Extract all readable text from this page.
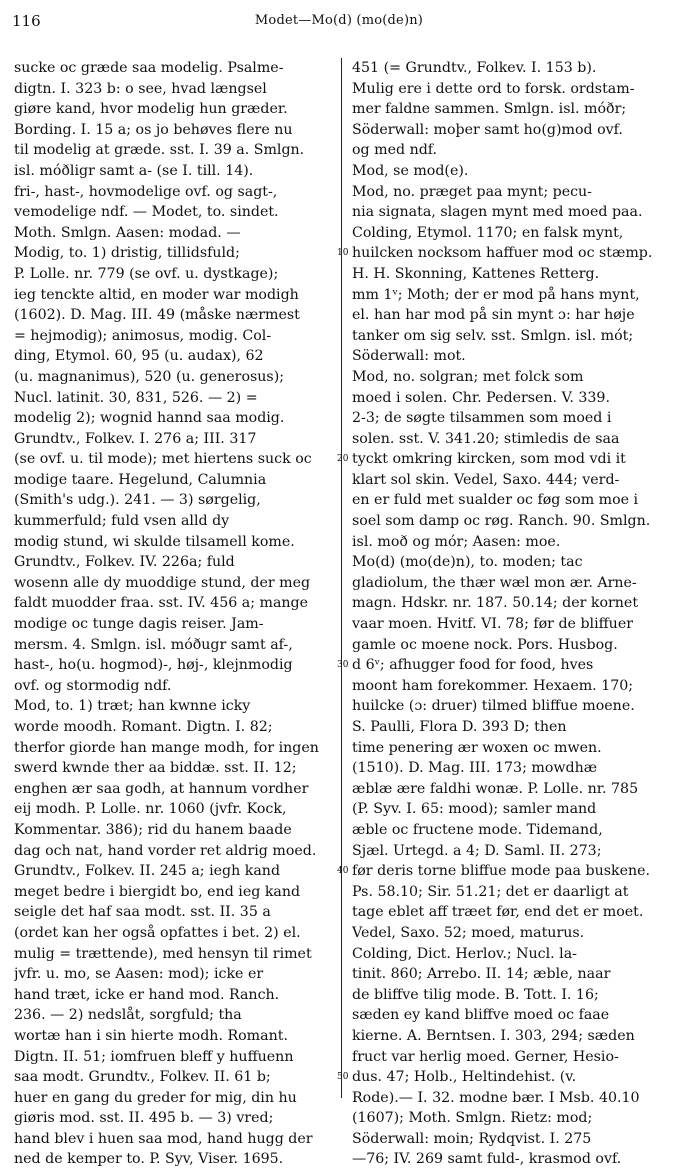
116	Modet—Mo(d) (mo(de)n)
sucke oc græde saa modelig. Psalme-
digtn. I. 323 b: o see, hvad længsel
giøre kand, hvor modelig hun græder.
Bording. I. 15 a; os jo behøves flere nu
til modelig at græde. sst. I. 39 a. Smlgn.
isl. móðligr samt a- (se I. till. 14).
fri-, hast-, hovmodelige ovf. og sagt-,
vemodelige ndf. — Modet, to. sindet.
Moth. Smlgn. Aasen: modad. —
Modig, to. 1) dristig, tillidsfuld;
P. Lolle. nr. 779 (se ovf. u. dystkage);
ieg tenckte altid, en moder war modigh
(1602). D. Mag. III. 49 (måske nærmest
= hejmodig); animosus, modig. Col-
ding, Etymol. 60, 95 (u. audax), 62
(u. magnanimus), 520 (u. generosus);
Nucl. latinit. 30, 831, 526. — 2) =
modelig 2); wognid hannd saa modig.
Grundtv., Folkev. I. 276 a; III. 317
(se ovf. u. til mode); met hiertens suck oc
modige taare. Hegelund, Calumnia
(Smith's udg.). 241. — 3) sørgelig,
kummerfuld; fuld vsen alld dy
modig stund, wi skulde tilsamell kome.
Grundtv., Folkev. IV. 226a; fuld
wosenn alle dy muoddige stund, der meg
faldt muodder fraa. sst. IV. 456 a; mange
modige oc tunge dagis reiser. Jam-
mersm. 4. Smlgn. isl. móðugr samt af-,
hast-, ho(u. hogmod)-, høj-, klejnmodig
ovf. og stormodig ndf.
Mod, to. 1) træt; han kwnne icky
worde moodh. Romant. Digtn. I. 82;
therfor giorde han mange modh, for ingen
swerd kwnde ther aa biddæ. sst. II. 12;
enghen ær saa godh, at hannum vordher
eij modh. P. Lolle. nr. 1060 (jvfr. Kock,
Kommentar. 386); rid du hanem baade
dag och nat, hand vorder ret aldrig moed.
Grundtv., Folkev. II. 245 a; iegh kand
meget bedre i biergidt bo, end ieg kand
seigle det haf saa modt. sst. II. 35 a
(ordet kan her også opfattes i bet. 2) el.
mulig = trættende), med hensyn til rimet
jvfr. u. mo, se Aasen: mod); icke er
hand træt, icke er hand mod. Ranch.
236. — 2) nedslåt, sorgfuld; tha
wortæ han i sin hierte modh. Romant.
Digtn. II. 51; iomfruen bleff y huffuenn
saa modt. Grundtv., Folkev. II. 61 b;
huer en gang du greder for mig, din hu
giøris mod. sst. II. 495 b. — 3) vred;
hand blev i huen saa mod, hand hugg der
ned de kemper to. P. Syv, Viser. 1695.
10
20
30
40
50
451 (= Grundtv., Folkev. I. 153 b).
Mulig ere i dette ord to forsk. ordstam-
mer faldne sammen. Smlgn. isl. móðr;
Söderwall: moþer samt ho(g)mod ovf.
og med ndf.
Mod, se mod(e).
Mod, no. præget paa mynt; pecu-
nia signata, slagen mynt med moed paa.
Colding, Etymol. 1170; en falsk mynt,
huilcken nocksom haffuer mod oc stæmp.
H. H. Skonning, Kattenes Retterg.
mm 1ᵛ; Moth; der er mod på hans mynt,
el. han har mod på sin mynt ɔ: har høje
tanker om sig selv. sst. Smlgn. isl. mót;
Söderwall: mot.
Mod, no. solgran; met folck som
moed i solen. Chr. Pedersen. V. 339.
2-3; de søgte tilsammen som moed i
solen. sst. V. 341.20; stimledis de saa
tyckt omkring kircken, som mod vdi it
klart sol skin. Vedel, Saxo. 444; verd-
en er fuld met sualder oc føg som moe i
soel som damp oc røg. Ranch. 90. Smlgn.
isl. moð og mór; Aasen: moe.
Mo(d) (mo(de)n), to. moden; tac
gladiolum, the thær wæl mon ær. Arne-
magn. Hdskr. nr. 187. 50.14; der kornet
vaar moen. Hvitf. VI. 78; før de bliffuer
gamle oc moene nock. Pors. Husbog.
d 6ᵛ; afhugger food for food, hves
moont ham forekommer. Hexaem. 170;
huilcke (ɔ: druer) tilmed bliffue moene.
S. Paulli, Flora D. 393 D; then
time penering ær woxen oc mwen.
(1510). D. Mag. III. 173; mowdhæ
æblæ ære faldhi wonæ. P. Lolle. nr. 785
(P. Syv. I. 65: mood); samler mand
æble oc fructene mode. Tidemand,
Sjæl. Urtegd. a 4; D. Saml. II. 273;
før deris torne bliffue mode paa buskene.
Ps. 58.10; Sir. 51.21; det er daarligt at
tage eblet aff træet før, end det er moet.
Vedel, Saxo. 52; moed, maturus.
Colding, Dict. Herlov.; Nucl. la-
tinit. 860; Arrebo. II. 14; æble, naar
de bliffve tilig mode. B. Tott. I. 16;
sæden ey kand bliffve moed oc faae
kierne. A. Berntsen. I. 303, 294; sæden
fruct var herlig moed. Gerner, Hesio-
dus. 47; Holb., Heltindehist. (v.
Rode).— I. 32. modne bær. I Msb. 40.10
(1607); Moth. Smlgn. Rietz: mod;
Söderwall: moin; Rydqvist. I. 275
—76; IV. 269 samt fuld-, krasmod ovf.
